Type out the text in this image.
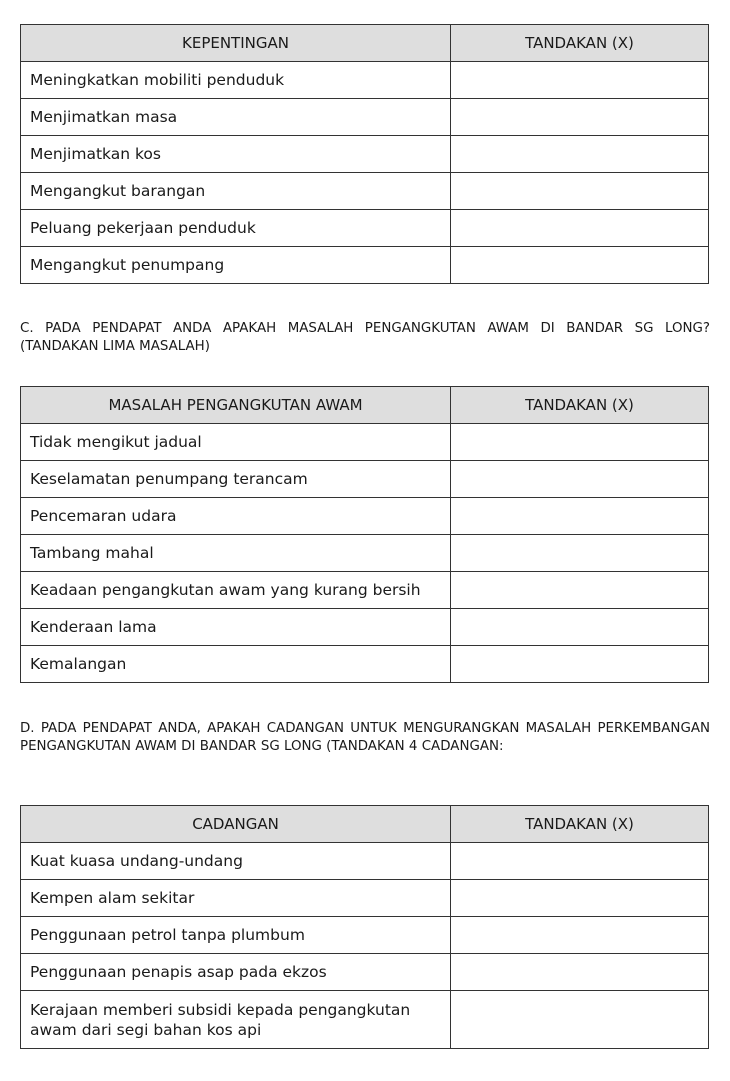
KEPENTINGAN	TANDAKAN (X)
Meningkatkan mobiliti penduduk	
Menjimatkan masa	
Menjimatkan kos	
Mengangkut barangan	
Peluang pekerjaan penduduk	
Mengangkut penumpang	

C. PADA PENDAPAT ANDA APAKAH MASALAH PENGANGKUTAN AWAM DI BANDAR SG LONG? (TANDAKAN LIMA MASALAH)

MASALAH PENGANGKUTAN AWAM	TANDAKAN (X)
Tidak mengikut jadual	
Keselamatan penumpang terancam	
Pencemaran udara	
Tambang mahal	
Keadaan pengangkutan awam yang kurang bersih	
Kenderaan lama	
Kemalangan	

D. PADA PENDAPAT ANDA, APAKAH CADANGAN UNTUK MENGURANGKAN MASALAH PERKEMBANGAN PENGANGKUTAN AWAM DI BANDAR SG LONG (TANDAKAN 4 CADANGAN:

CADANGAN	TANDAKAN (X)
Kuat kuasa undang-undang	
Kempen alam sekitar	
Penggunaan petrol tanpa plumbum	
Penggunaan penapis asap pada ekzos	
Kerajaan memberi subsidi kepada pengangkutan awam dari segi bahan kos api	
